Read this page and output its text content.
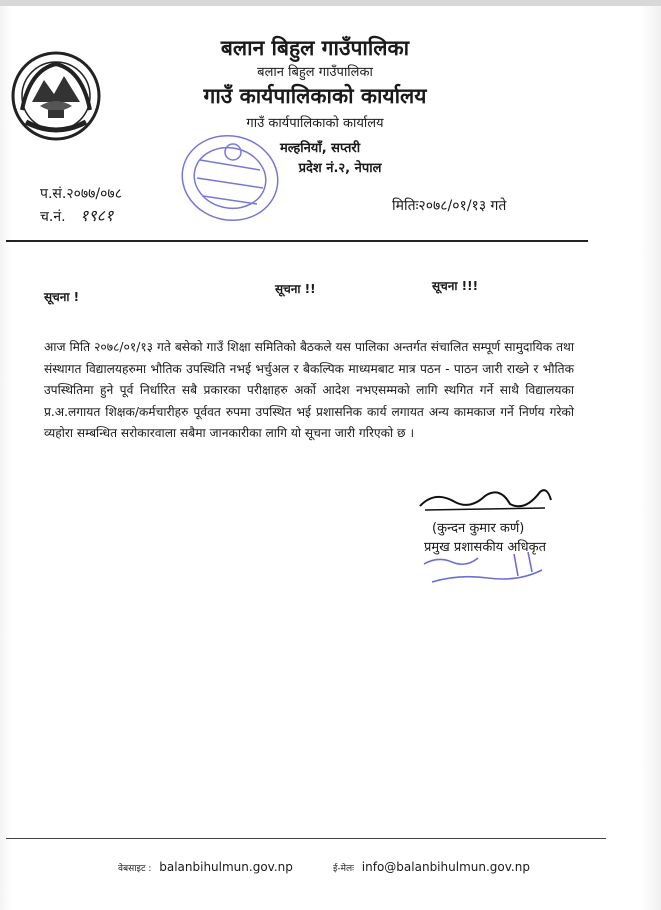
बलान बिहुल गाउँपालिका
बलान बिहुल गाउँपालिका
गाउँ कार्यपालिकाको कार्यालय
गाउँ कार्यपालिकाको कार्यालय
मल्हनियाँ, सप्तरी
प्रदेश नं.२, नेपाल
प.सं.२०७७/०७८
च.नं. १९८१	मितिः२०७८/०१/१३ गते
सूचना !
सूचना !!	सूचना !!!
आज मिति २०७८/०१/१३ गते बसेको गाउँ शिक्षा समितिको बैठकले यस पालिका अन्तर्गत संचालित सम्पूर्ण सामुदायिक तथा संस्थागत विद्यालयहरुमा भौतिक उपस्थिति नभई भर्चुअल र बैकल्पिक माध्यमबाट मात्र पठन - पाठन जारी राख्ने र भौतिक उपस्थितिमा हुने पूर्व निर्धारित सबै प्रकारका परीक्षाहरु अर्को आदेश नभएसम्मको लागि स्थगित गर्ने साथै विद्यालयका प्र.अ.लगायत शिक्षक/कर्मचारीहरु पूर्ववत रुपमा उपस्थित भई प्रशासनिक कार्य लगायत अन्य कामकाज गर्ने निर्णय गरेको व्यहोरा सम्बन्धित सरोकारवाला सबैमा जानकारीका लागि यो सूचना जारी गरिएको छ ।
(कुन्दन कुमार कर्ण)
प्रमुख प्रशासकीय अधिकृत
वेबसाइट : balanbihulmun.gov.np	ई-मेलः info@balanbihulmun.gov.np
